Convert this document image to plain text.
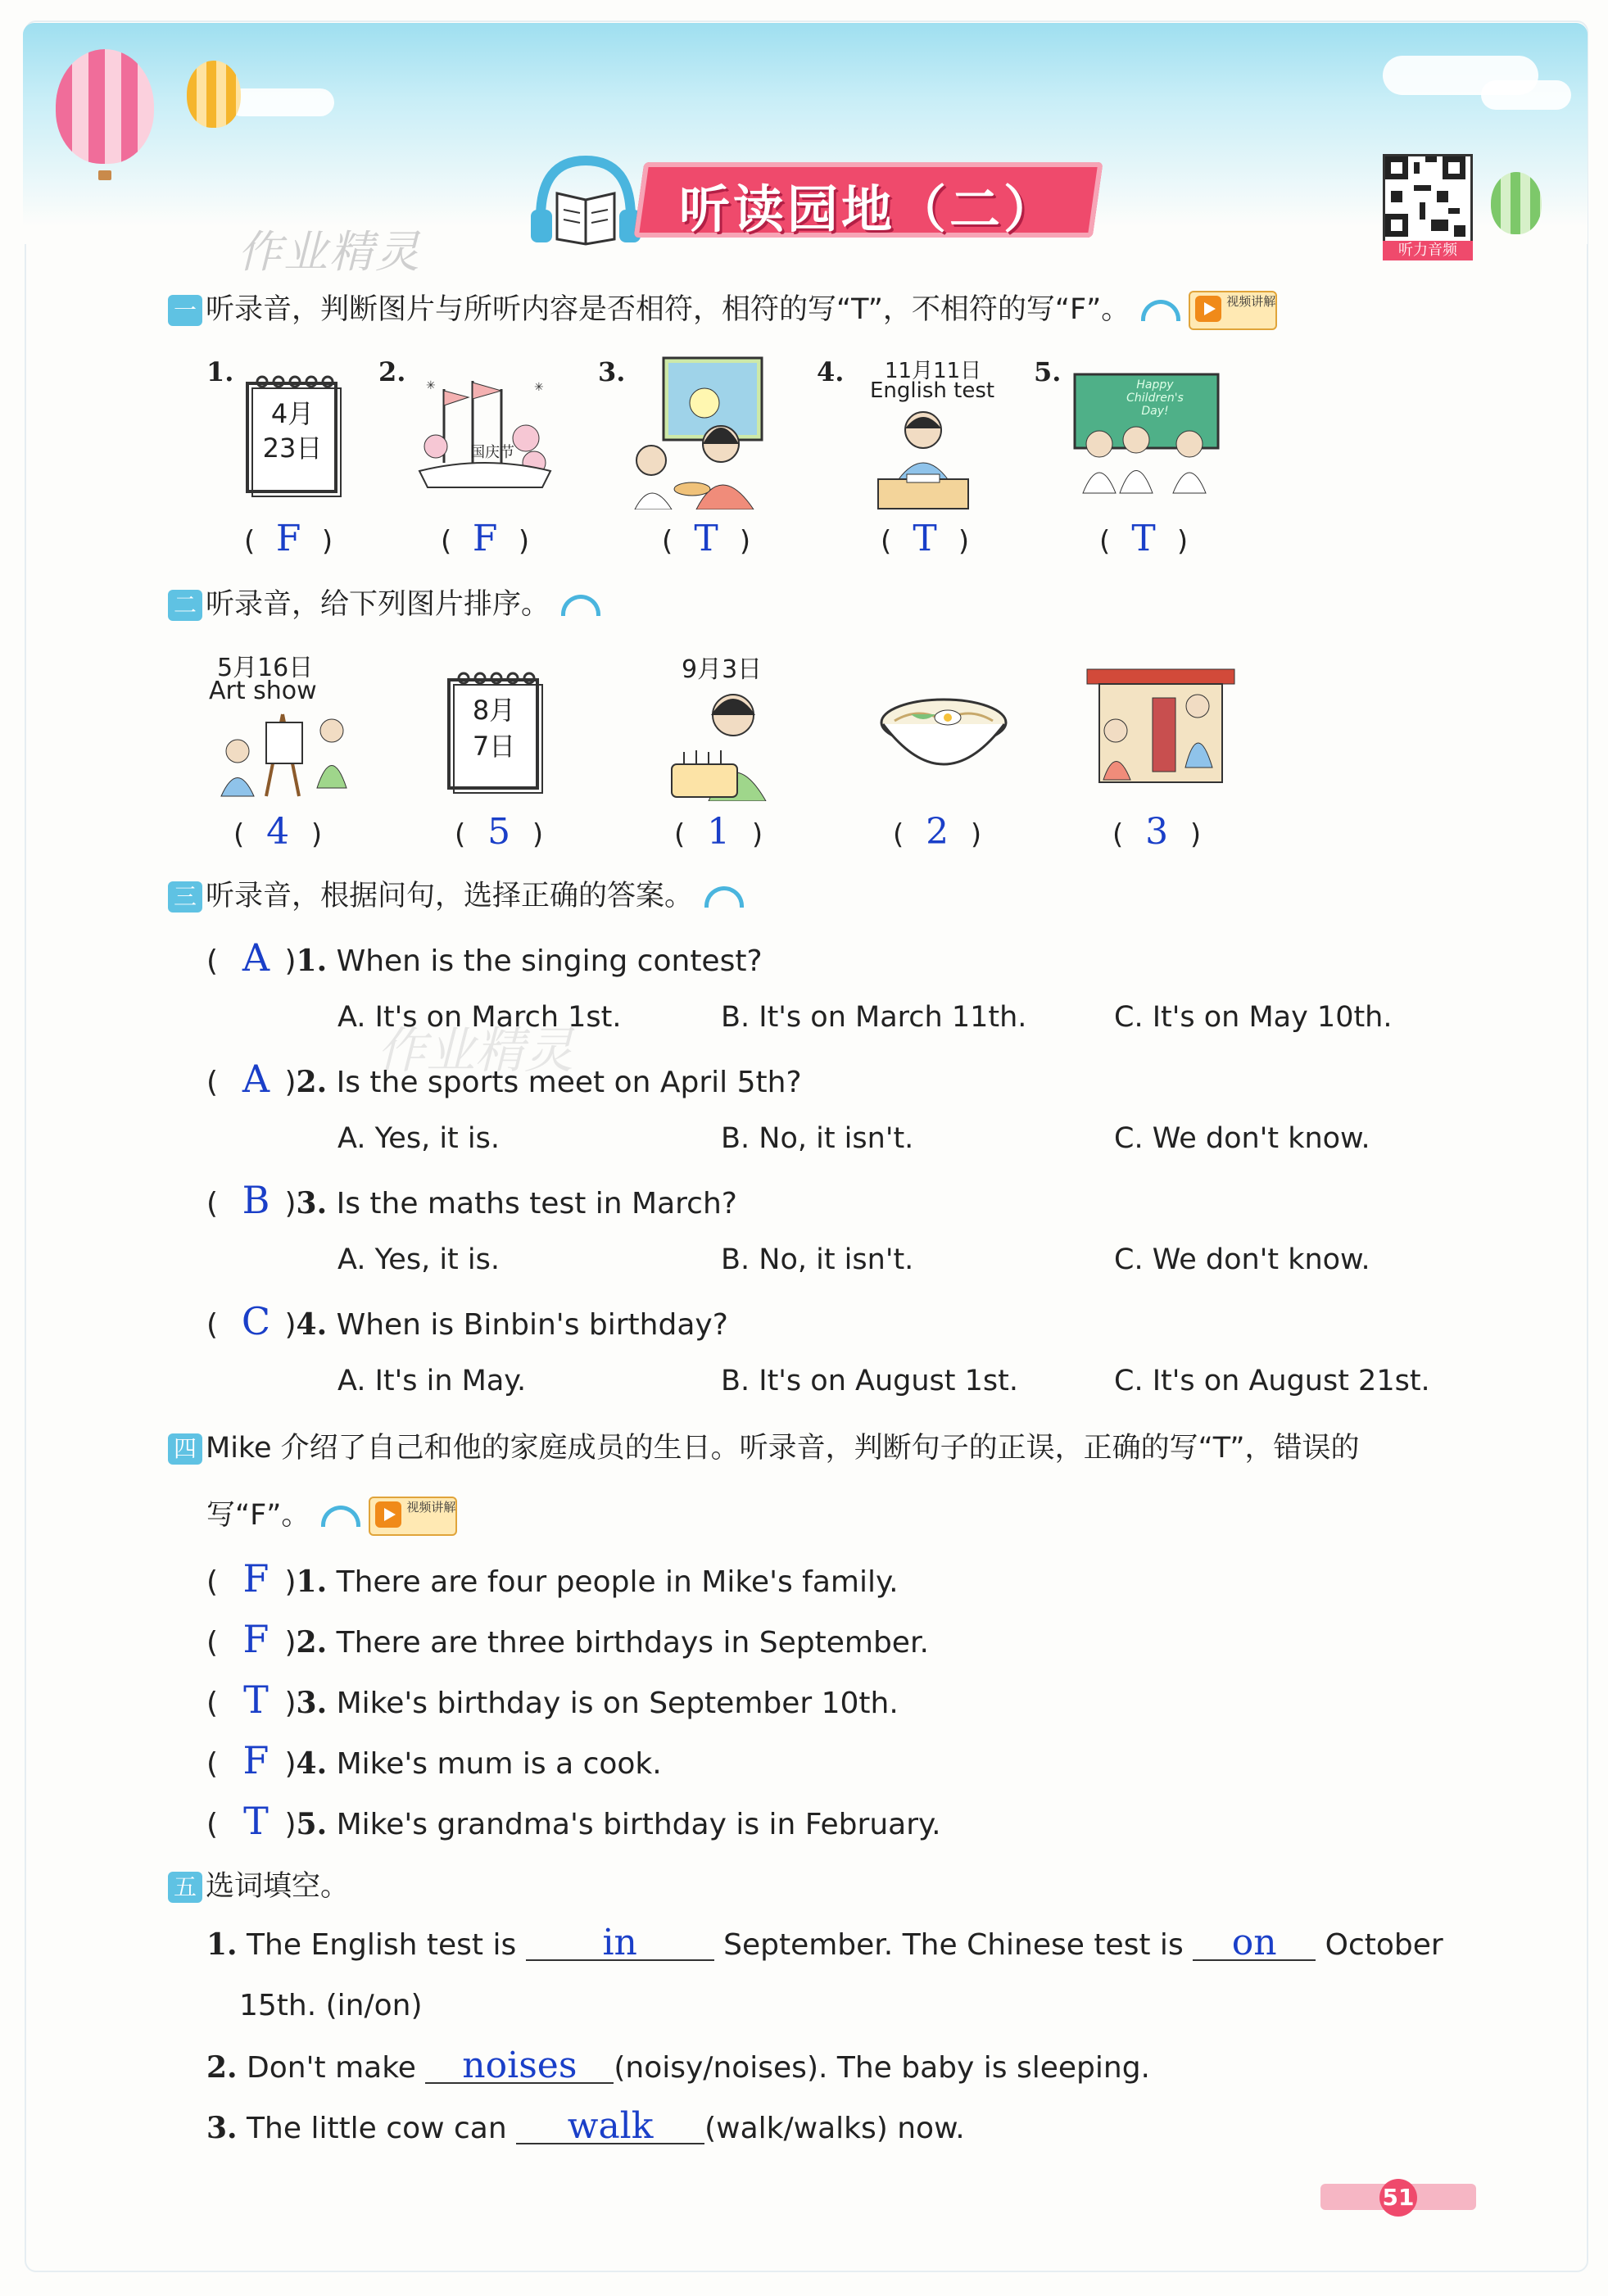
作业精灵
听读园地（二）
听力音频
一 听录音，判断图片与所听内容是否相符，相符的写“T”，不相符的写“F”。	视频讲解
1.
4月
23日
2. ✳	✳
国庆节
3.	4. 11月11日
English test
5.	Happy Children's Day!
( F )	( F )	( T )	( T )	( T )
二 听录音，给下列图片排序。
5月16日
Art show
8月
7日
9月3日
( 4 )	( 5 )	( 1 )	( 2 )	( 3 )
三 听录音，根据问句，选择正确的答案。
作业精灵
( A )1. When is the singing contest?
A. It's on March 1st.	B. It's on March 11th.	C. It's on May 10th.
( A )2. Is the sports meet on April 5th?
A. Yes, it is.	B. No, it isn't.	C. We don't know.
( B )3. Is the maths test in March?
A. Yes, it is.	B. No, it isn't.	C. We don't know.
( C )4. When is Binbin's birthday?
A. It's in May.	B. It's on August 1st.	C. It's on August 21st.
四 Mike 介绍了自己和他的家庭成员的生日。听录音，判断句子的正误，正确的写“T”，错误的
写“F”。	视频讲解
( F )1. There are four people in Mike's family.
( F )2. There are three birthdays in September.
( T )3. Mike's birthday is on September 10th.
( F )4. Mike's mum is a cook.
( T )5. Mike's grandma's birthday is in February.
五 选词填空。
1. The English test is in	September. The Chinese test is on October
15th. (in/on)
2. Don't make noises (noisy/noises). The baby is sleeping.
3. The little cow can walk (walk/walks) now.
51
